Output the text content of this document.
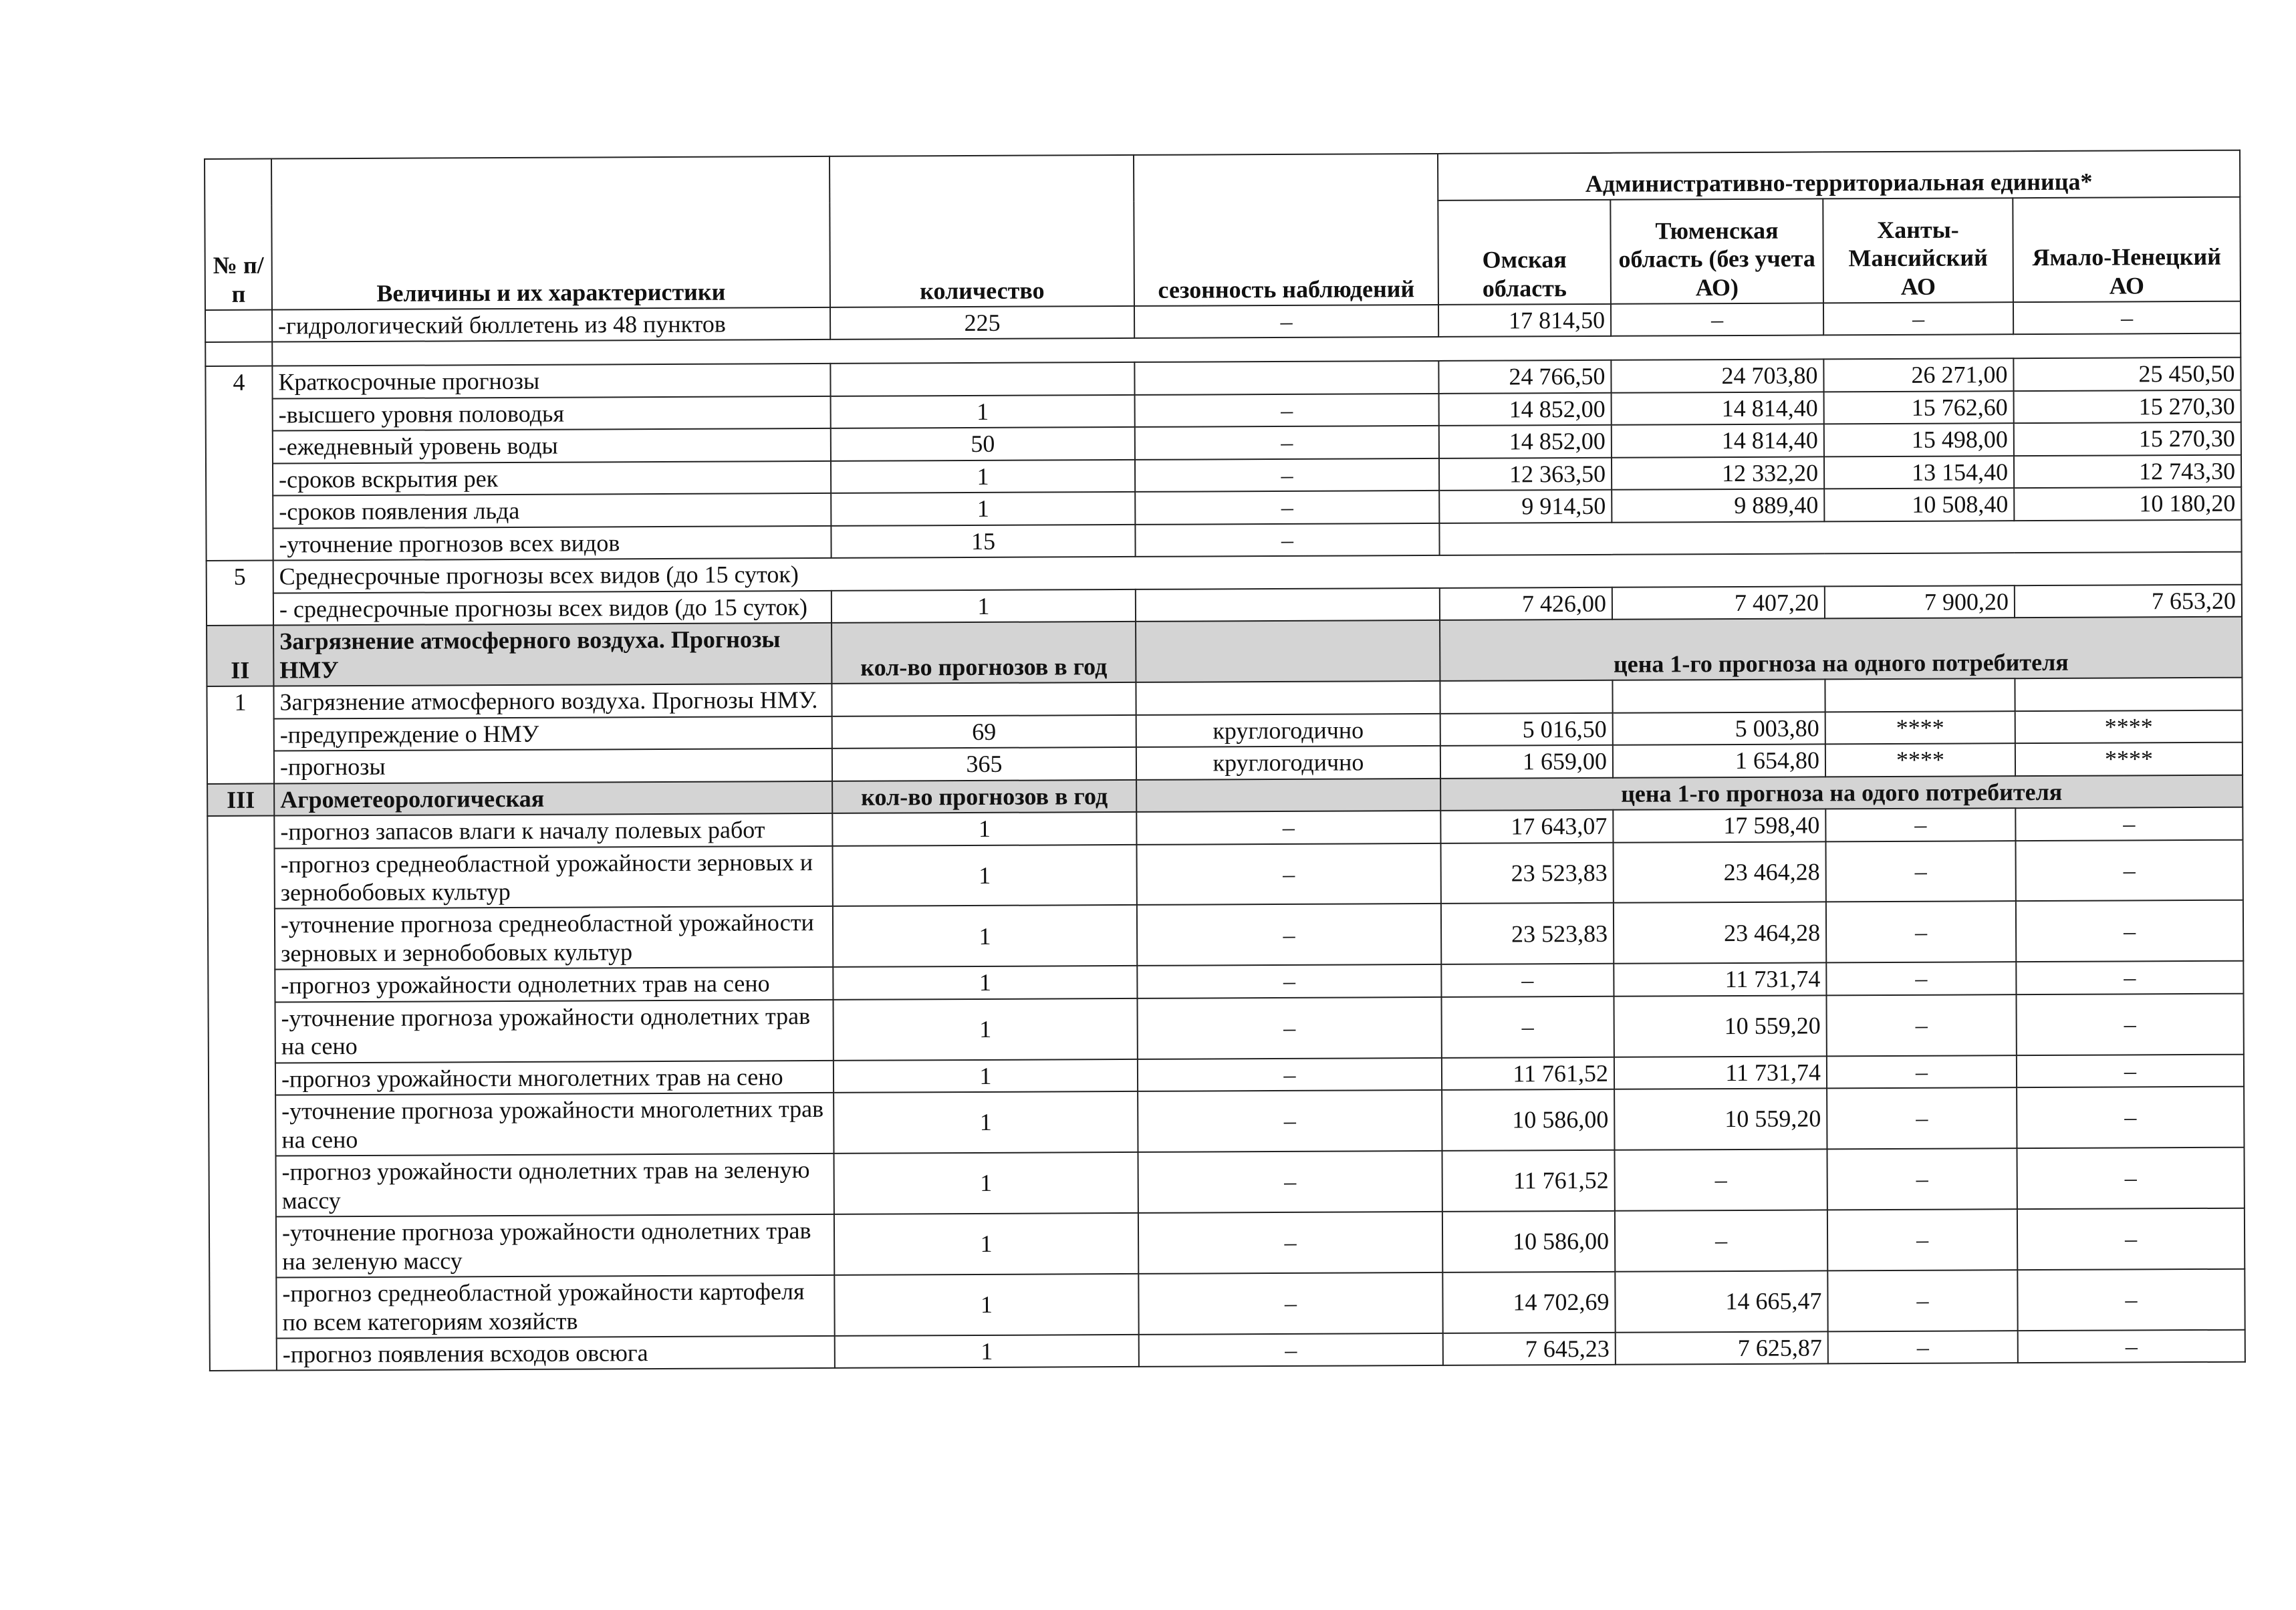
№ п/п	Величины и их характеристики	количество	сезонность наблюдений	Административно-территориальная единица*			
				Омская область	Тюменская область (без учета АО)	Ханты-Мансийский АО	Ямало-Ненецкий АО
	-гидрологический бюллетень из 48 пунктов	225	–	17 814,50	–	–	–

4	Краткосрочные прогнозы			24 766,50	24 703,80	26 271,00	25 450,50
	-высшего уровня половодья	1	–	14 852,00	14 814,40	15 762,60	15 270,30
	-ежедневный уровень воды	50	–	14 852,00	14 814,40	15 498,00	15 270,30
	-сроков вскрытия рек	1	–	12 363,50	12 332,20	13 154,40	12 743,30
	-сроков появления льда	1	–	9 914,50	9 889,40	10 508,40	10 180,20
	-уточнение прогнозов всех видов	15	–				
5	Среднесрочные прогнозы всех видов (до 15 суток)						
	- среднесрочные прогнозы всех видов (до 15 суток)	1		7 426,00	7 407,20	7 900,20	7 653,20
II	Загрязнение атмосферного воздуха. Прогнозы НМУ	кол-во прогнозов в год		цена 1-го прогноза на одного потребителя			
1	Загрязнение атмосферного воздуха. Прогнозы НМУ.						
	-предупреждение о НМУ	69	круглогодично	5 016,50	5 003,80	****	****
	-прогнозы	365	круглогодично	1 659,00	1 654,80	****	****
III	Агрометеорологическая	кол-во прогнозов в год		цена 1-го прогноза на одого потребителя			
	-прогноз запасов влаги к началу полевых работ	1	–	17 643,07	17 598,40	–	–
	-прогноз среднеобластной урожайности зерновых и зернобобовых культур	1	–	23 523,83	23 464,28	–	–
	-уточнение прогноза среднеобластной урожайности зерновых и зернобобовых культур	1	–	23 523,83	23 464,28	–	–
	-прогноз урожайности однолетних трав на сено	1	–	–	11 731,74	–	–
	-уточнение прогноза урожайности однолетних трав на сено	1	–	–	10 559,20	–	–
	-прогноз урожайности многолетних трав на сено	1	–	11 761,52	11 731,74	–	–
	-уточнение прогноза урожайности многолетних трав на сено	1	–	10 586,00	10 559,20	–	–
	-прогноз урожайности однолетних трав на зеленую массу	1	–	11 761,52	–	–	–
	-уточнение прогноза урожайности однолетних трав на зеленую массу	1	–	10 586,00	–	–	–
	-прогноз среднеобластной урожайности картофеля по всем категориям хозяйств	1	–	14 702,69	14 665,47	–	–
	-прогноз появления всходов овсюга	1	–	7 645,23	7 625,87	–	–
